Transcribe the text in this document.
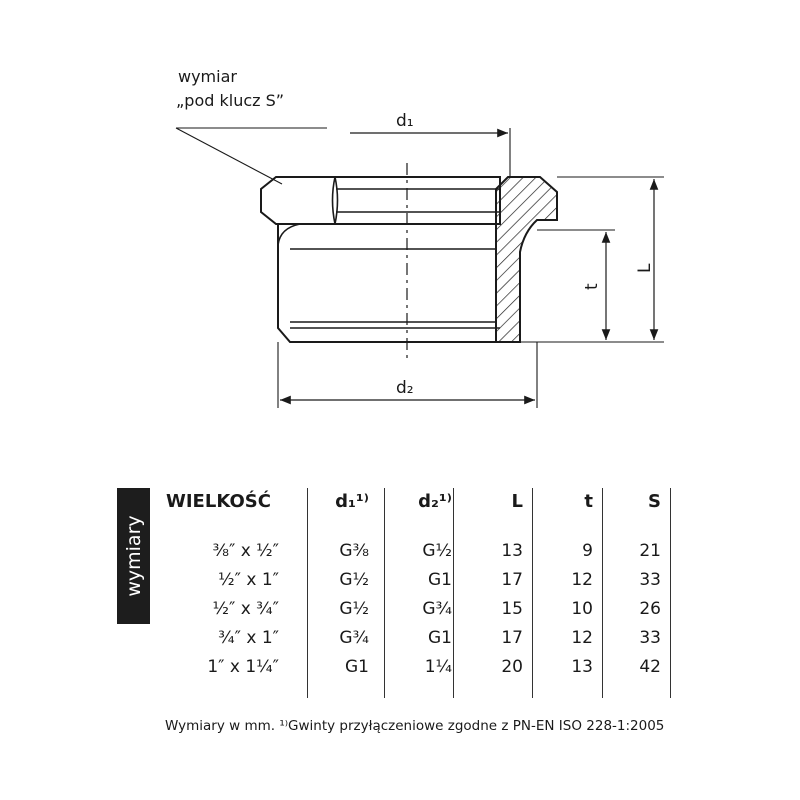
wymiar
„pod klucz S”
d₁
d₂
t
L
wymiary
WIELKOŚĆ	d₁¹⁾	d₂¹⁾	L	t	S
⅜″ x ½″	G⅜	G½	13	9	21
½″ x 1″	G½	G1	17	12	33
½″ x ¾″	G½	G¾	15	10	26
¾″ x 1″	G¾	G1	17	12	33
1″ x 1¼″	G1	1¼	20	13	42
Wymiary w mm. ¹⁾Gwinty przyłączeniowe zgodne z PN-EN ISO 228-1:2005
